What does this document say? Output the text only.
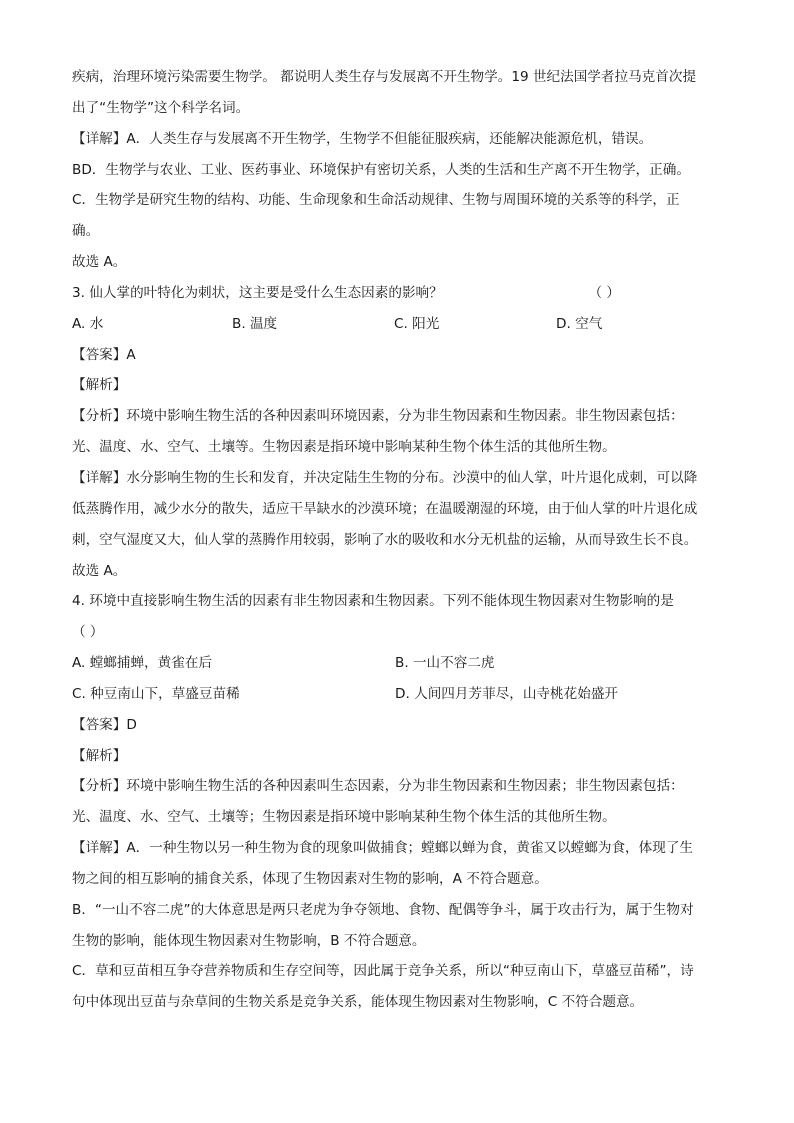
疾病，治理环境污染需要生物学。 都说明人类生存与发展离不开生物学。19 世纪法国学者拉马克首次提
出了“生物学”这个科学名词。
【详解】A．人类生存与发展离不开生物学，生物学不但能征服疾病，还能解决能源危机，错误。
BD．生物学与农业、工业、医药事业、环境保护有密切关系，人类的生活和生产离不开生物学，正确。
C．生物学是研究生物的结构、功能、生命现象和生命活动规律、生物与周围环境的关系等的科学，正
确。
故选 A。
3. 仙人掌的叶特化为刺状，这主要是受什么生态因素的影响？	（ ）
A. 水	B. 温度	C. 阳光	D. 空气
【答案】A
【解析】
【分析】环境中影响生物生活的各种因素叫环境因素，分为非生物因素和生物因素。非生物因素包括：
光、温度、水、空气、土壤等。生物因素是指环境中影响某种生物个体生活的其他所生物。
【详解】水分影响生物的生长和发育，并决定陆生生物的分布。沙漠中的仙人掌，叶片退化成刺，可以降
低蒸腾作用，减少水分的散失，适应干旱缺水的沙漠环境；在温暖潮湿的环境，由于仙人掌的叶片退化成
刺，空气湿度又大，仙人掌的蒸腾作用较弱，影响了水的吸收和水分无机盐的运输，从而导致生长不良。
故选 A。
4. 环境中直接影响生物生活的因素有非生物因素和生物因素。下列不能体现生物因素对生物影响的是
（ ）
A. 螳螂捕蝉，黄雀在后	B. 一山不容二虎
C. 种豆南山下，草盛豆苗稀	D. 人间四月芳菲尽，山寺桃花始盛开
【答案】D
【解析】
【分析】环境中影响生物生活的各种因素叫生态因素，分为非生物因素和生物因素；非生物因素包括：
光、温度、水、空气、土壤等；生物因素是指环境中影响某种生物个体生活的其他所生物。
【详解】A．一种生物以另一种生物为食的现象叫做捕食；螳螂以蝉为食，黄雀又以螳螂为食，体现了生
物之间的相互影响的捕食关系，体现了生物因素对生物的影响，A 不符合题意。
B．“一山不容二虎”的大体意思是两只老虎为争夺领地、食物、配偶等争斗，属于攻击行为，属于生物对
生物的影响，能体现生物因素对生物影响，B 不符合题意。
C．草和豆苗相互争夺营养物质和生存空间等，因此属于竞争关系，所以“种豆南山下，草盛豆苗稀”，诗
句中体现出豆苗与杂草间的生物关系是竞争关系，能体现生物因素对生物影响，C 不符合题意。
